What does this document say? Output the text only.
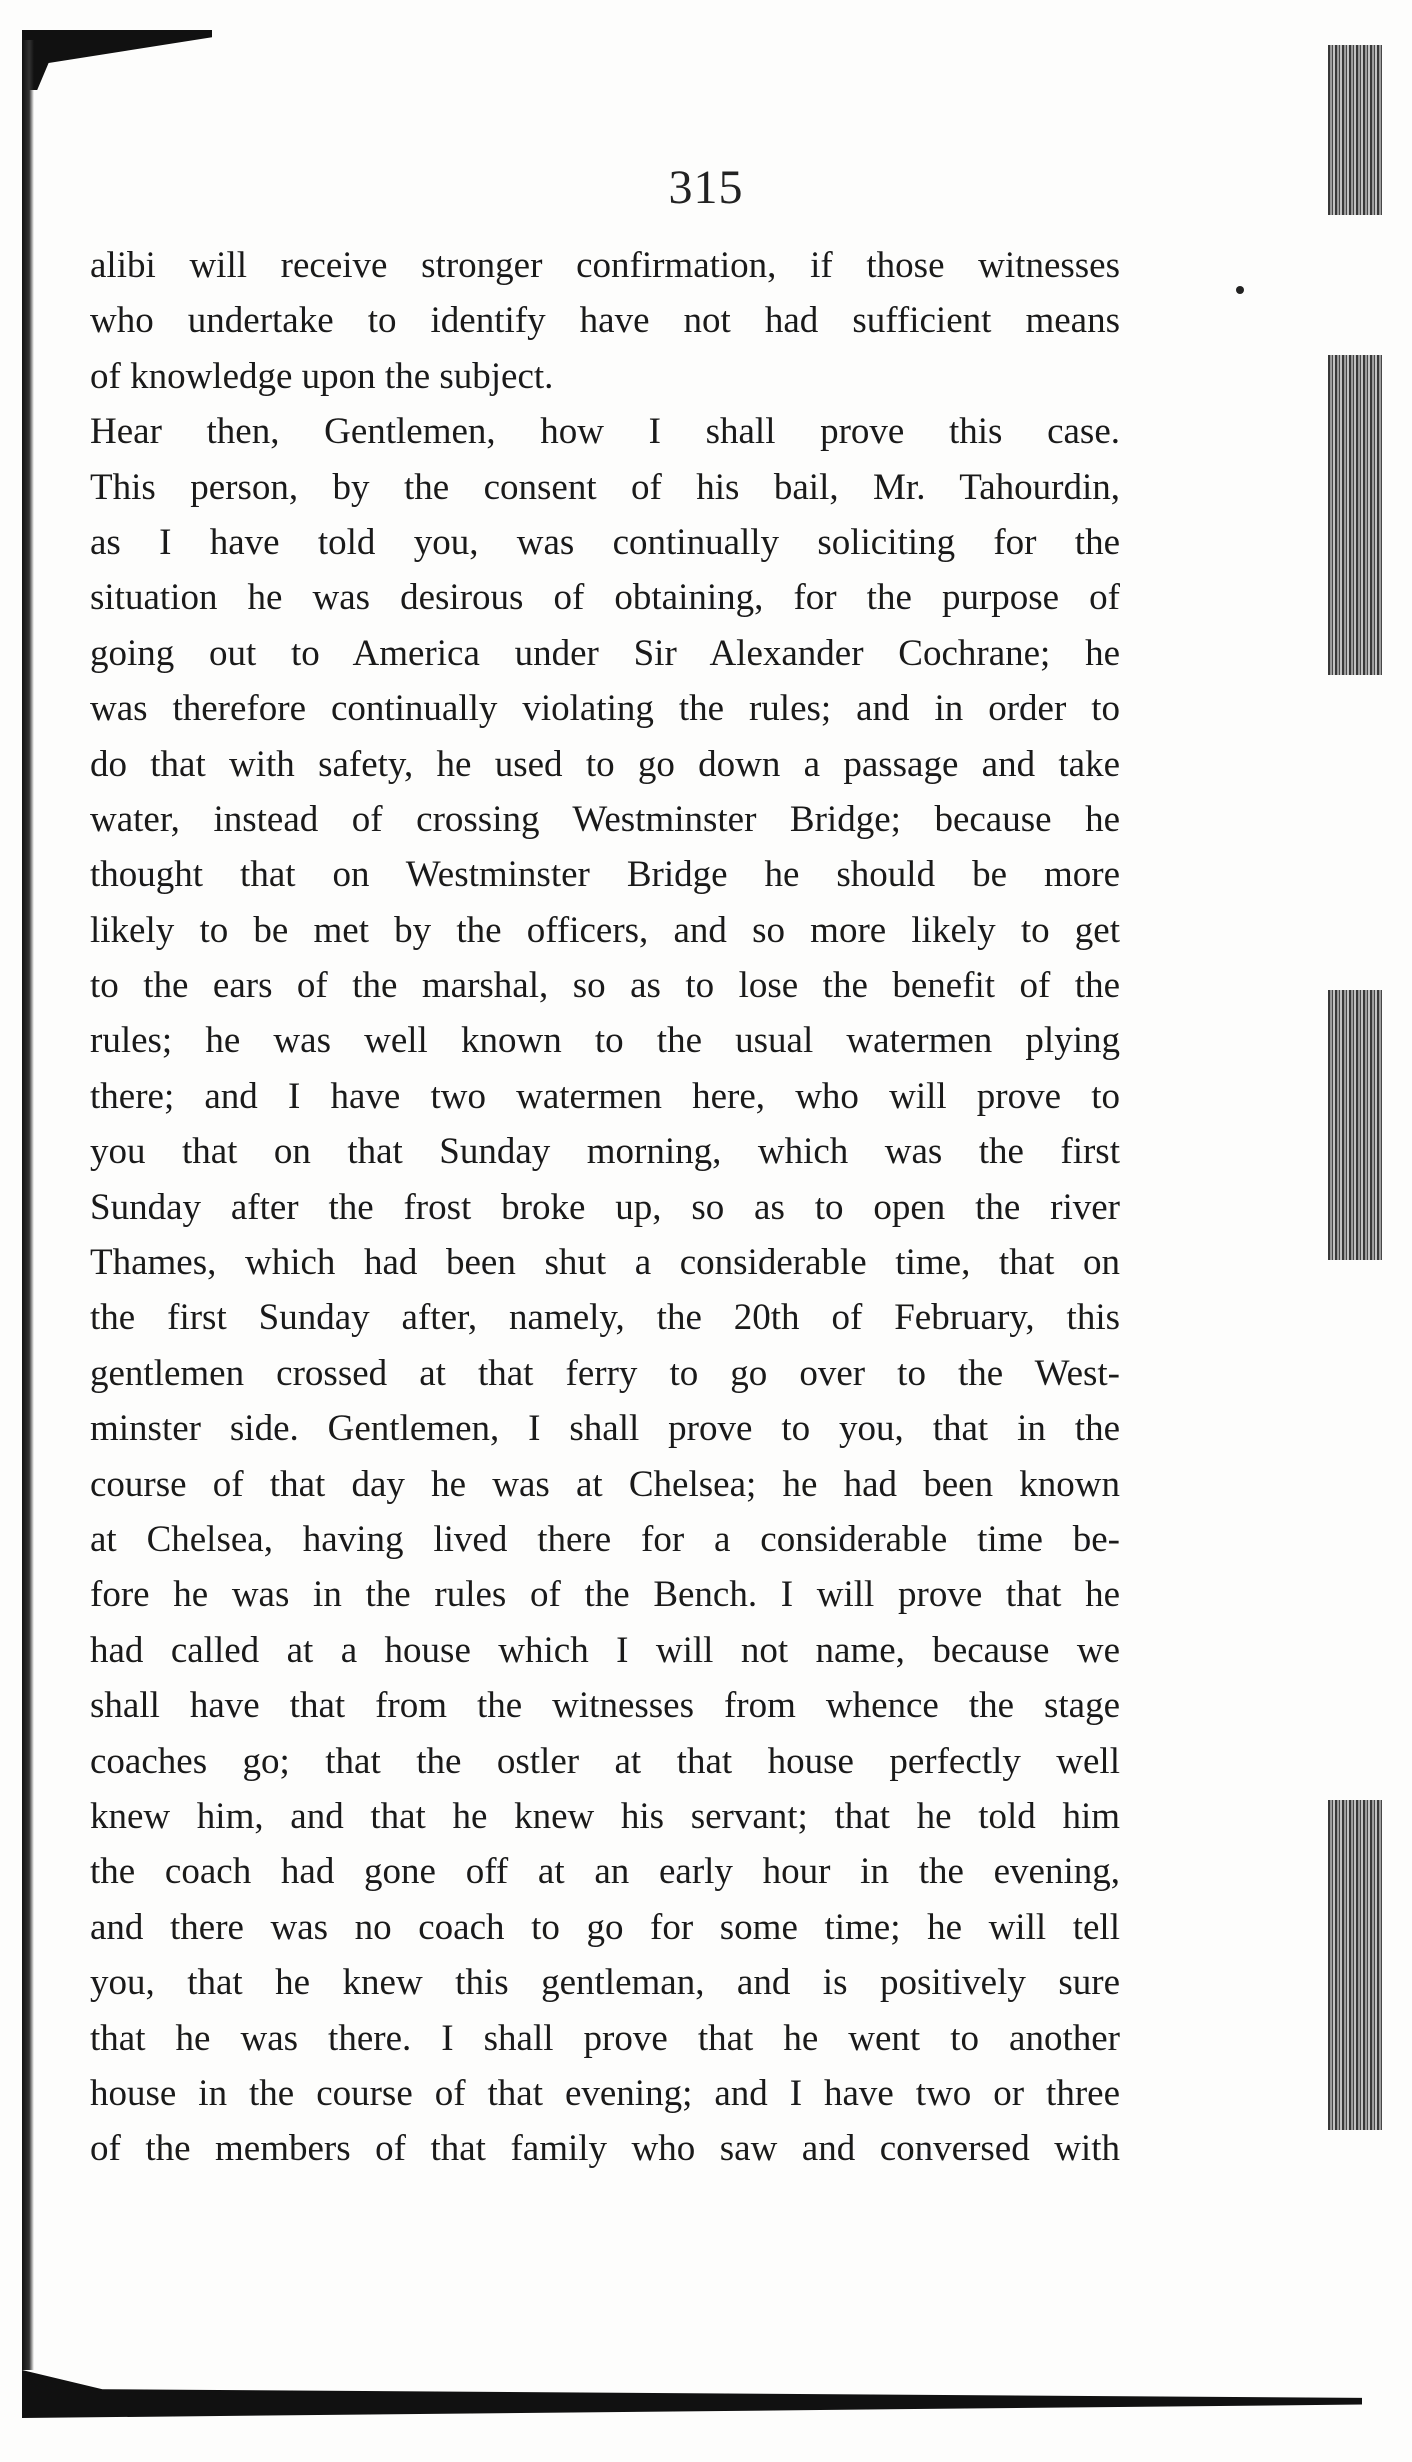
315
alibi will receive stronger confirmation, if those witnesses
who undertake to identify have not had sufficient means
of knowledge upon the subject.
Hear then, Gentlemen, how I shall prove this case.
This person, by the consent of his bail, Mr. Tahourdin,
as I have told you, was continually soliciting for the
situation he was desirous of obtaining, for the purpose of
going out to America under Sir Alexander Cochrane; he
was therefore continually violating the rules; and in order to
do that with safety, he used to go down a passage and take
water, instead of crossing Westminster Bridge; because he
thought that on Westminster Bridge he should be more
likely to be met by the officers, and so more likely to get
to the ears of the marshal, so as to lose the benefit of the
rules; he was well known to the usual watermen plying
there; and I have two watermen here, who will prove to
you that on that Sunday morning, which was the first
Sunday after the frost broke up, so as to open the river
Thames, which had been shut a considerable time, that on
the first Sunday after, namely, the 20th of February, this
gentlemen crossed at that ferry to go over to the West-
minster side. Gentlemen, I shall prove to you, that in the
course of that day he was at Chelsea; he had been known
at Chelsea, having lived there for a considerable time be-
fore he was in the rules of the Bench. I will prove that he
had called at a house which I will not name, because we
shall have that from the witnesses from whence the stage
coaches go; that the ostler at that house perfectly well
knew him, and that he knew his servant; that he told him
the coach had gone off at an early hour in the evening,
and there was no coach to go for some time; he will tell
you, that he knew this gentleman, and is positively sure
that he was there. I shall prove that he went to another
house in the course of that evening; and I have two or three
of the members of that family who saw and conversed with
